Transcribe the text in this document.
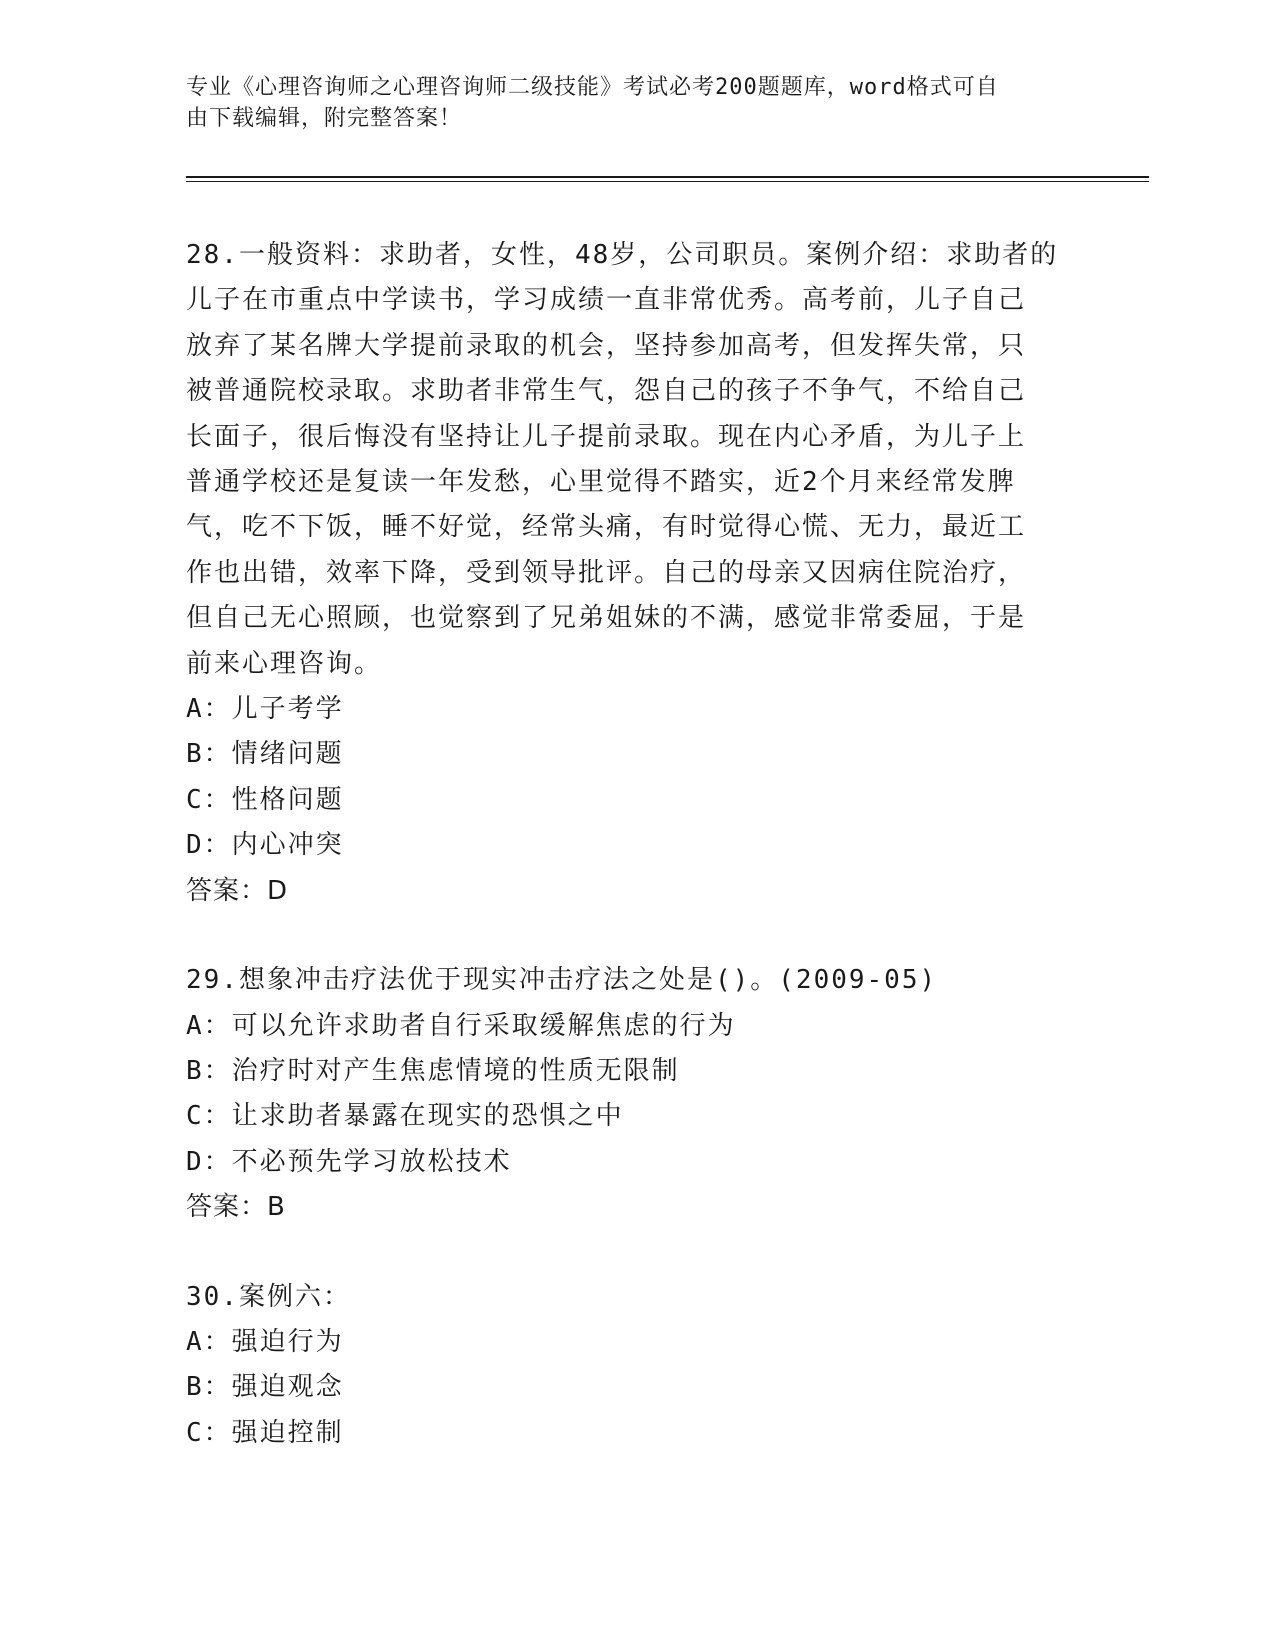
专业《心理咨询师之心理咨询师二级技能》考试必考200题题库，word格式可自
由下载编辑，附完整答案！

28.一般资料：求助者，女性，48岁，公司职员。案例介绍：求助者的

儿子在市重点中学读书，学习成绩一直非常优秀。高考前，儿子自己

放弃了某名牌大学提前录取的机会，坚持参加高考，但发挥失常，只

被普通院校录取。求助者非常生气，怨自己的孩子不争气，不给自己

长面子，很后悔没有坚持让儿子提前录取。现在内心矛盾，为儿子上

普通学校还是复读一年发愁，心里觉得不踏实，近2个月来经常发脾

气，吃不下饭，睡不好觉，经常头痛，有时觉得心慌、无力，最近工

作也出错，效率下降，受到领导批评。自己的母亲又因病住院治疗，

但自己无心照顾，也觉察到了兄弟姐妹的不满，感觉非常委屈，于是

前来心理咨询。

A：儿子考学

B：情绪问题

C：性格问题

D：内心冲突

答案：D

29.想象冲击疗法优于现实冲击疗法之处是()。(2009-05)

A：可以允许求助者自行采取缓解焦虑的行为

B：治疗时对产生焦虑情境的性质无限制

C：让求助者暴露在现实的恐惧之中

D：不必预先学习放松技术

答案：B

30.案例六：

A：强迫行为

B：强迫观念

C：强迫控制
